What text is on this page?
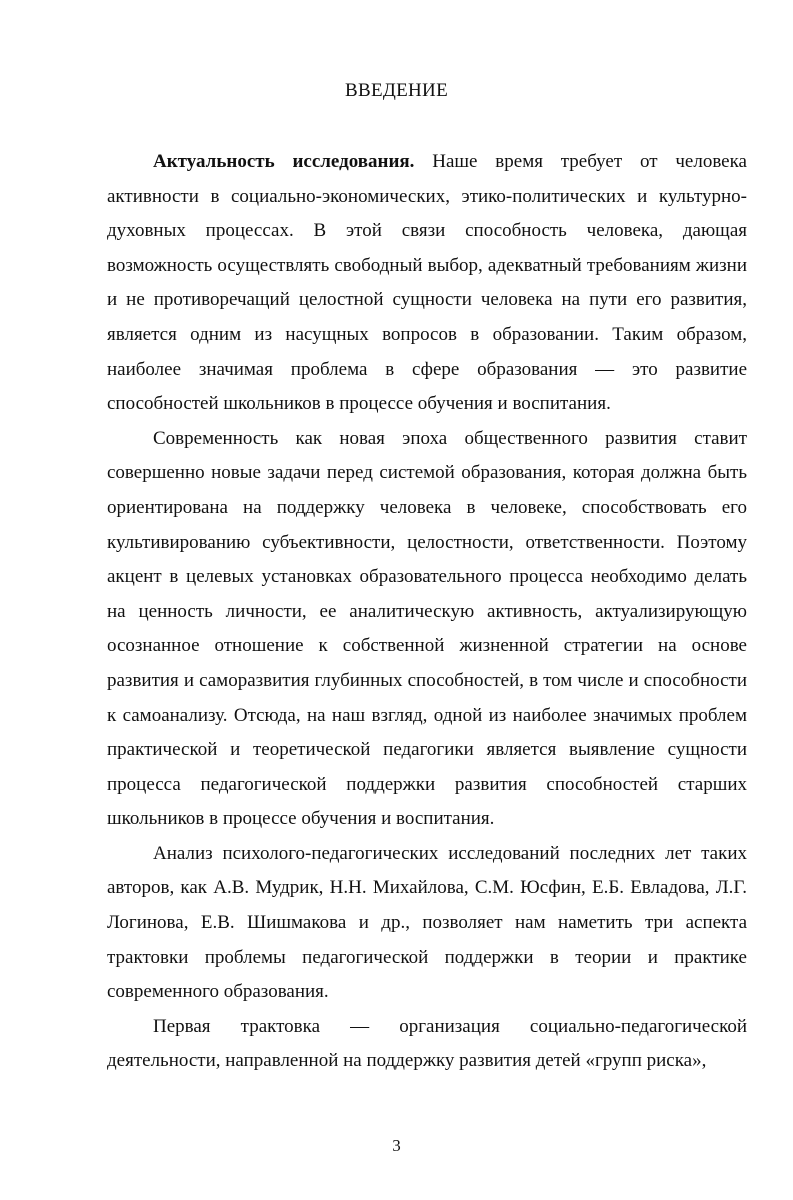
ВВЕДЕНИЕ

Актуальность исследования. Наше время требует от человека активности в социально-экономических, этико-политических и культурно-духовных процессах. В этой связи способность человека, дающая возможность осуществлять свободный выбор, адекватный требованиям жизни и не противоречащий целостной сущности человека на пути его развития, является одним из насущных вопросов в образовании. Таким образом, наиболее значимая проблема в сфере образования — это развитие способностей школьников в процессе обучения и воспитания.

Современность как новая эпоха общественного развития ставит совершенно новые задачи перед системой образования, которая должна быть ориентирована на поддержку человека в человеке, способствовать его культивированию субъективности, целостности, ответственности. Поэтому акцент в целевых установках образовательного процесса необходимо делать на ценность личности, ее аналитическую активность, актуализирующую осознанное отношение к собственной жизненной стратегии на основе развития и саморазвития глубинных способностей, в том числе и способности к самоанализу. Отсюда, на наш взгляд, одной из наиболее значимых проблем практической и теоретической педагогики является выявление сущности процесса педагогической поддержки развития способностей старших школьников в процессе обучения и воспитания.

Анализ психолого-педагогических исследований последних лет таких авторов, как А.В. Мудрик, Н.Н. Михайлова, С.М. Юсфин, Е.Б. Евладова, Л.Г. Логинова, Е.В. Шишмакова и др., позволяет нам наметить три аспекта трактовки проблемы педагогической поддержки в теории и практике современного образования.

Первая трактовка — организация социально-педагогической деятельности, направленной на поддержку развития детей «групп риска»,

3
